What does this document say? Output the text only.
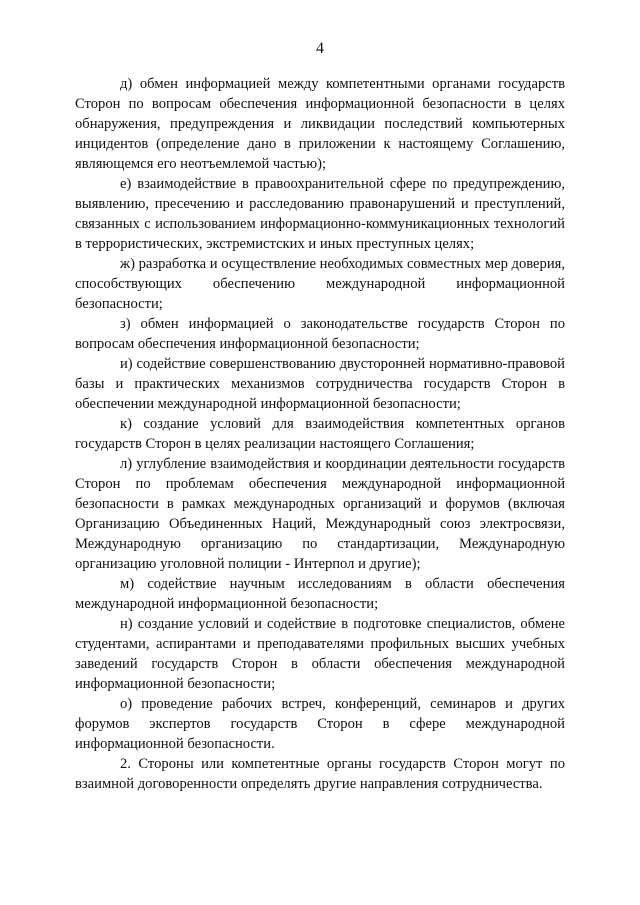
4

д) обмен информацией между компетентными органами государств Сторон по вопросам обеспечения информационной безопасности в целях обнаружения, предупреждения и ликвидации последствий компьютерных инцидентов (определение дано в приложении к настоящему Соглашению, являющемся его неотъемлемой частью);

е) взаимодействие в правоохранительной сфере по предупреждению, выявлению, пресечению и расследованию правонарушений и преступлений, связанных с использованием информационно-коммуникационных технологий в террористических, экстремистских и иных преступных целях;

ж) разработка и осуществление необходимых совместных мер доверия, способствующих обеспечению международной информационной безопасности;

з) обмен информацией о законодательстве государств Сторон по вопросам обеспечения информационной безопасности;

и) содействие совершенствованию двусторонней нормативно-правовой базы и практических механизмов сотрудничества государств Сторон в обеспечении международной информационной безопасности;

к) создание условий для взаимодействия компетентных органов государств Сторон в целях реализации настоящего Соглашения;

л) углубление взаимодействия и координации деятельности государств Сторон по проблемам обеспечения международной информационной безопасности в рамках международных организаций и форумов (включая Организацию Объединенных Наций, Международный союз электросвязи, Международную организацию по стандартизации, Международную организацию уголовной полиции - Интерпол и другие);

м) содействие научным исследованиям в области обеспечения международной информационной безопасности;

н) создание условий и содействие в подготовке специалистов, обмене студентами, аспирантами и преподавателями профильных высших учебных заведений государств Сторон в области обеспечения международной информационной безопасности;

о) проведение рабочих встреч, конференций, семинаров и других форумов экспертов государств Сторон в сфере международной информационной безопасности.

2. Стороны или компетентные органы государств Сторон могут по взаимной договоренности определять другие направления сотрудничества.
